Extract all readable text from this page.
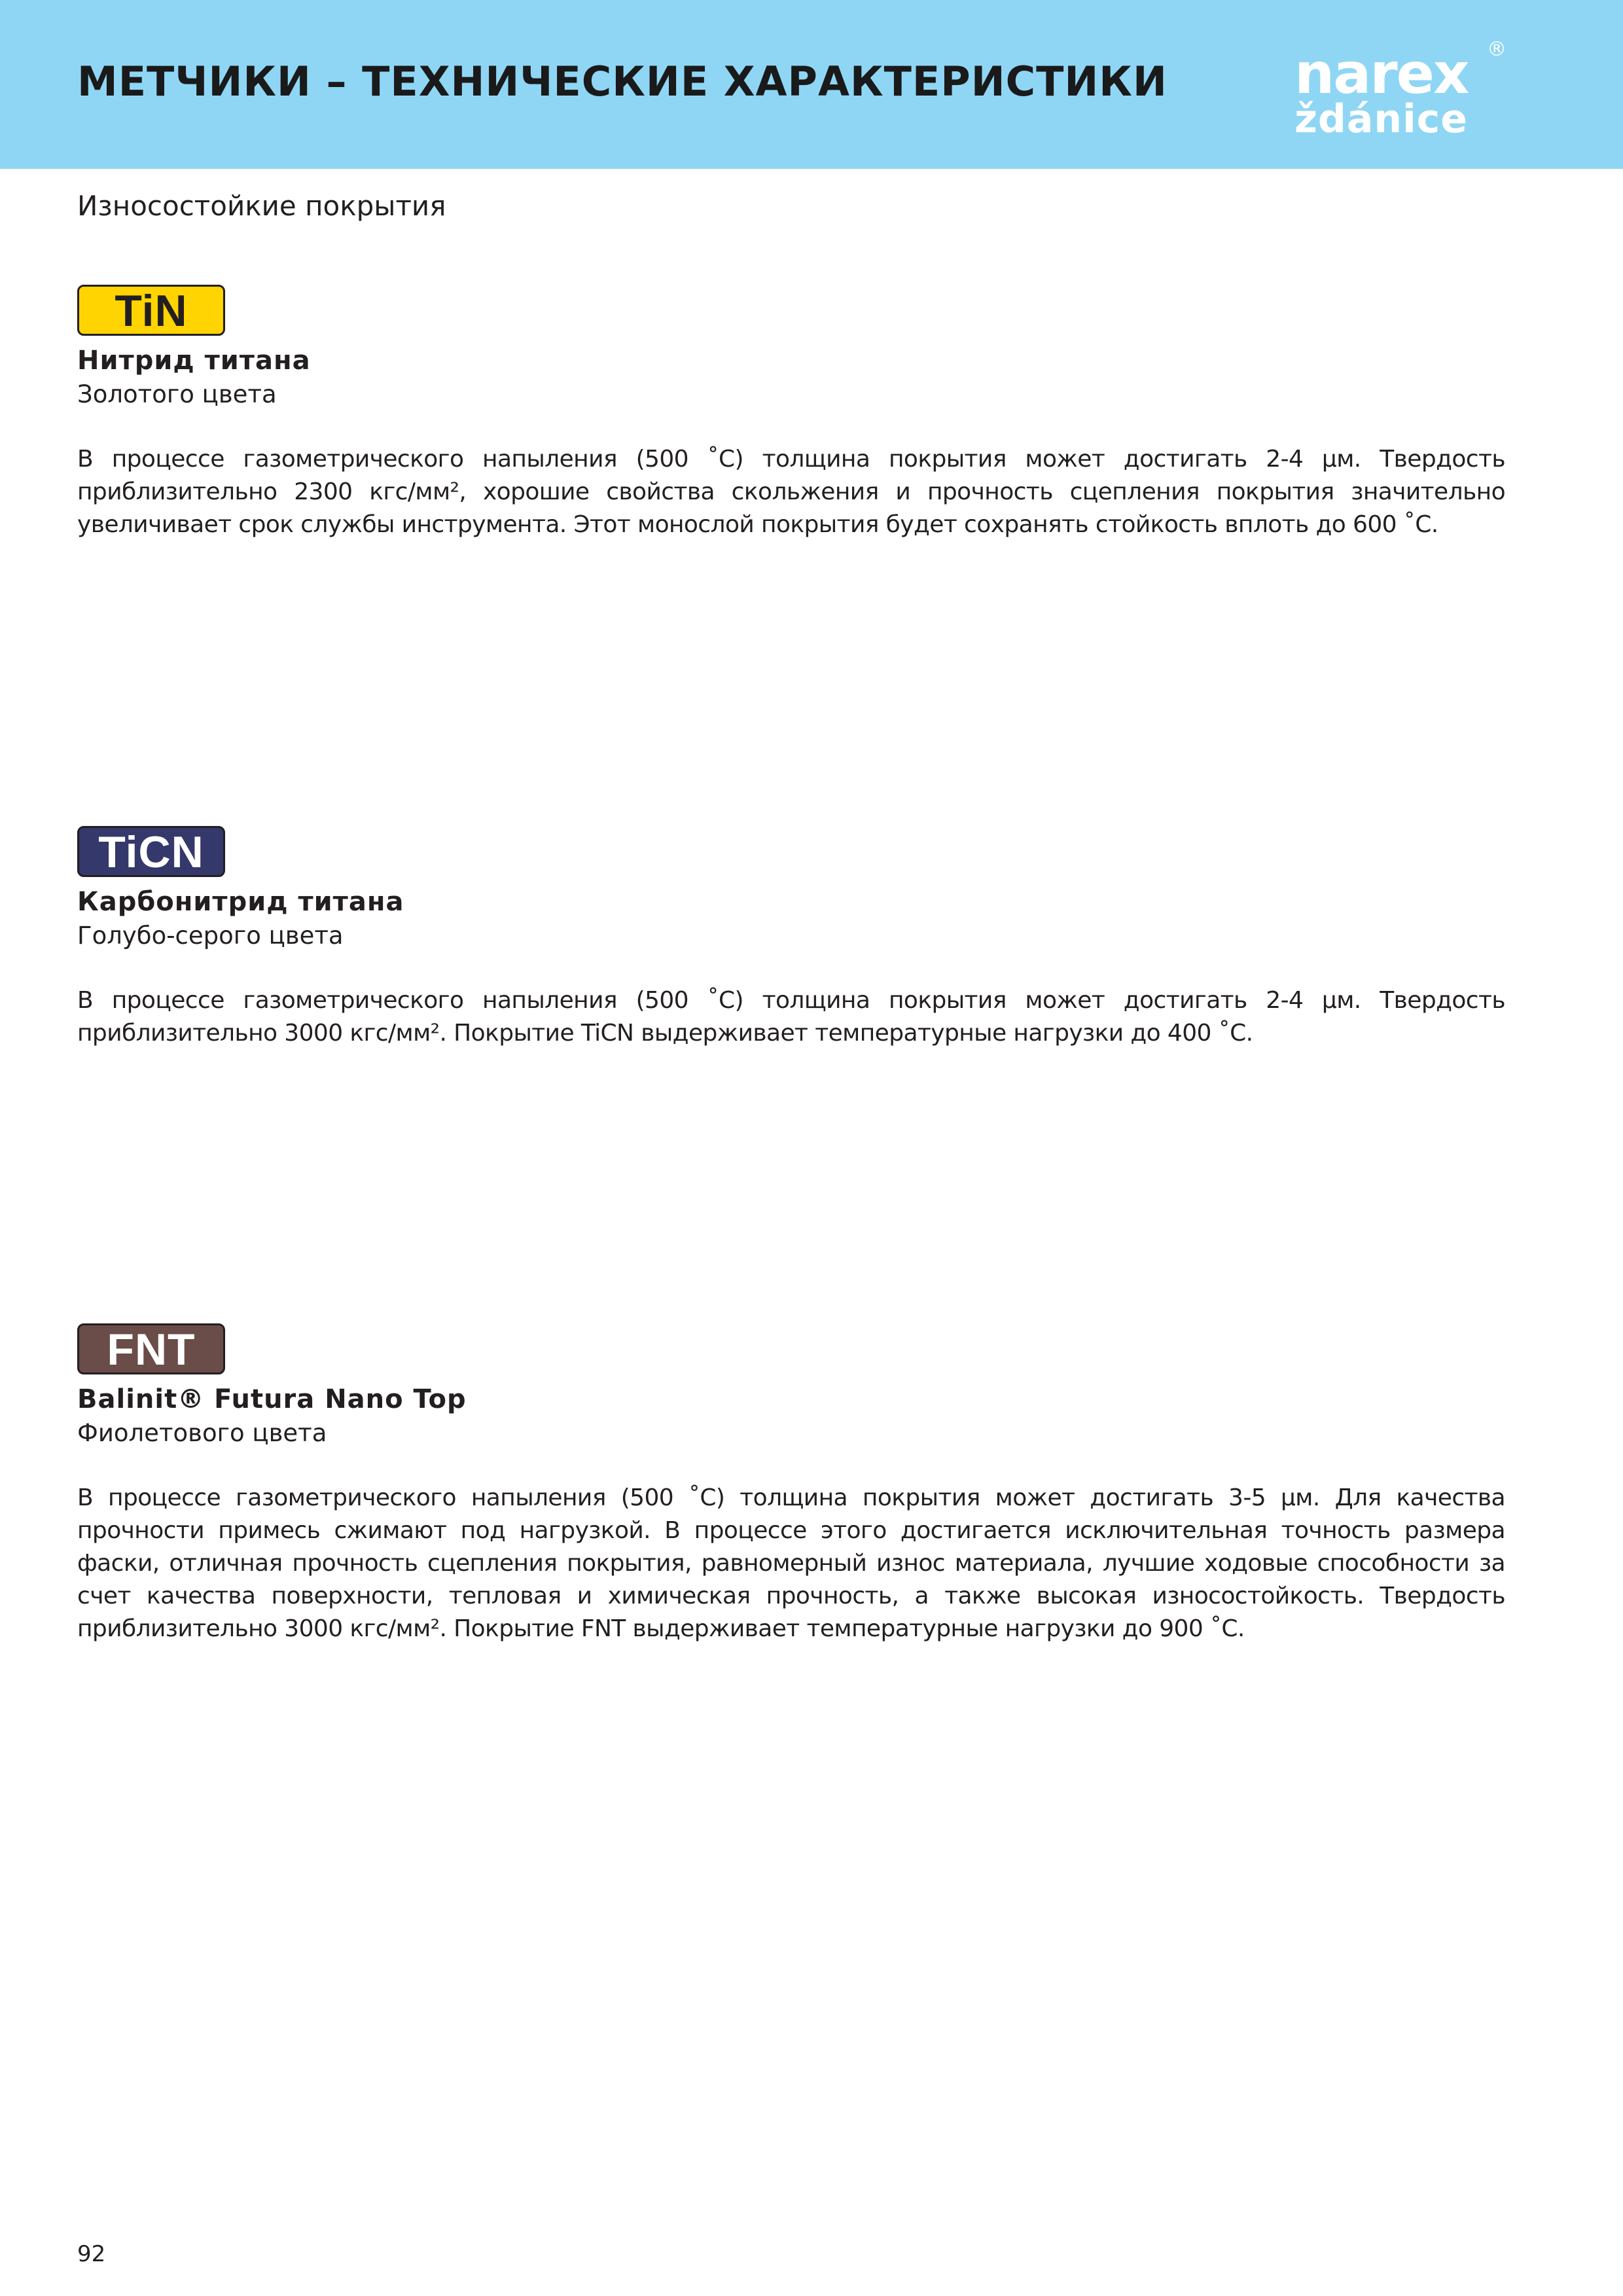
МЕТЧИКИ – ТЕХНИЧЕСКИЕ ХАРАКТЕРИСТИКИ narex
ždánice
®
Износостойкие покрытия
TiN
Нитрид титана
Золотого цвета

В процессе газометрического напыления (500 ˚C) толщина покрытия может достигать 2-4 μм. Твердость приблизительно 2300 кгс/мм², хорошие свойства скольжения и прочность сцепления покрытия значительно увеличивает срок службы инструмента. Этот монослой покрытия будет сохранять стойкость вплоть до 600 ˚C.

TiCN
Карбонитрид титана
Голубо-серого цвета

В процессе газометрического напыления (500 ˚C) толщина покрытия может достигать 2-4 μм. Твердость приблизительно 3000 кгс/мм². Покрытие TiCN выдерживает температурные нагрузки до 400 ˚C.

FNT
Balinit® Futura Nano Top
Фиолетового цвета

В процессе газометрического напыления (500 ˚C) толщина покрытия может достигать 3-5 μм. Для качества прочности примесь сжимают под нагрузкой. В процессе этого достигается исключительная точность размера фаски, отличная прочность сцепления покрытия, равномерный износ материала, лучшие ходовые способности за счет качества поверхности, тепловая и химическая прочность, а также высокая износостойкость. Твердость приблизительно 3000 кгс/мм². Покрытие FNT выдерживает температурные нагрузки до 900 ˚C.

92
